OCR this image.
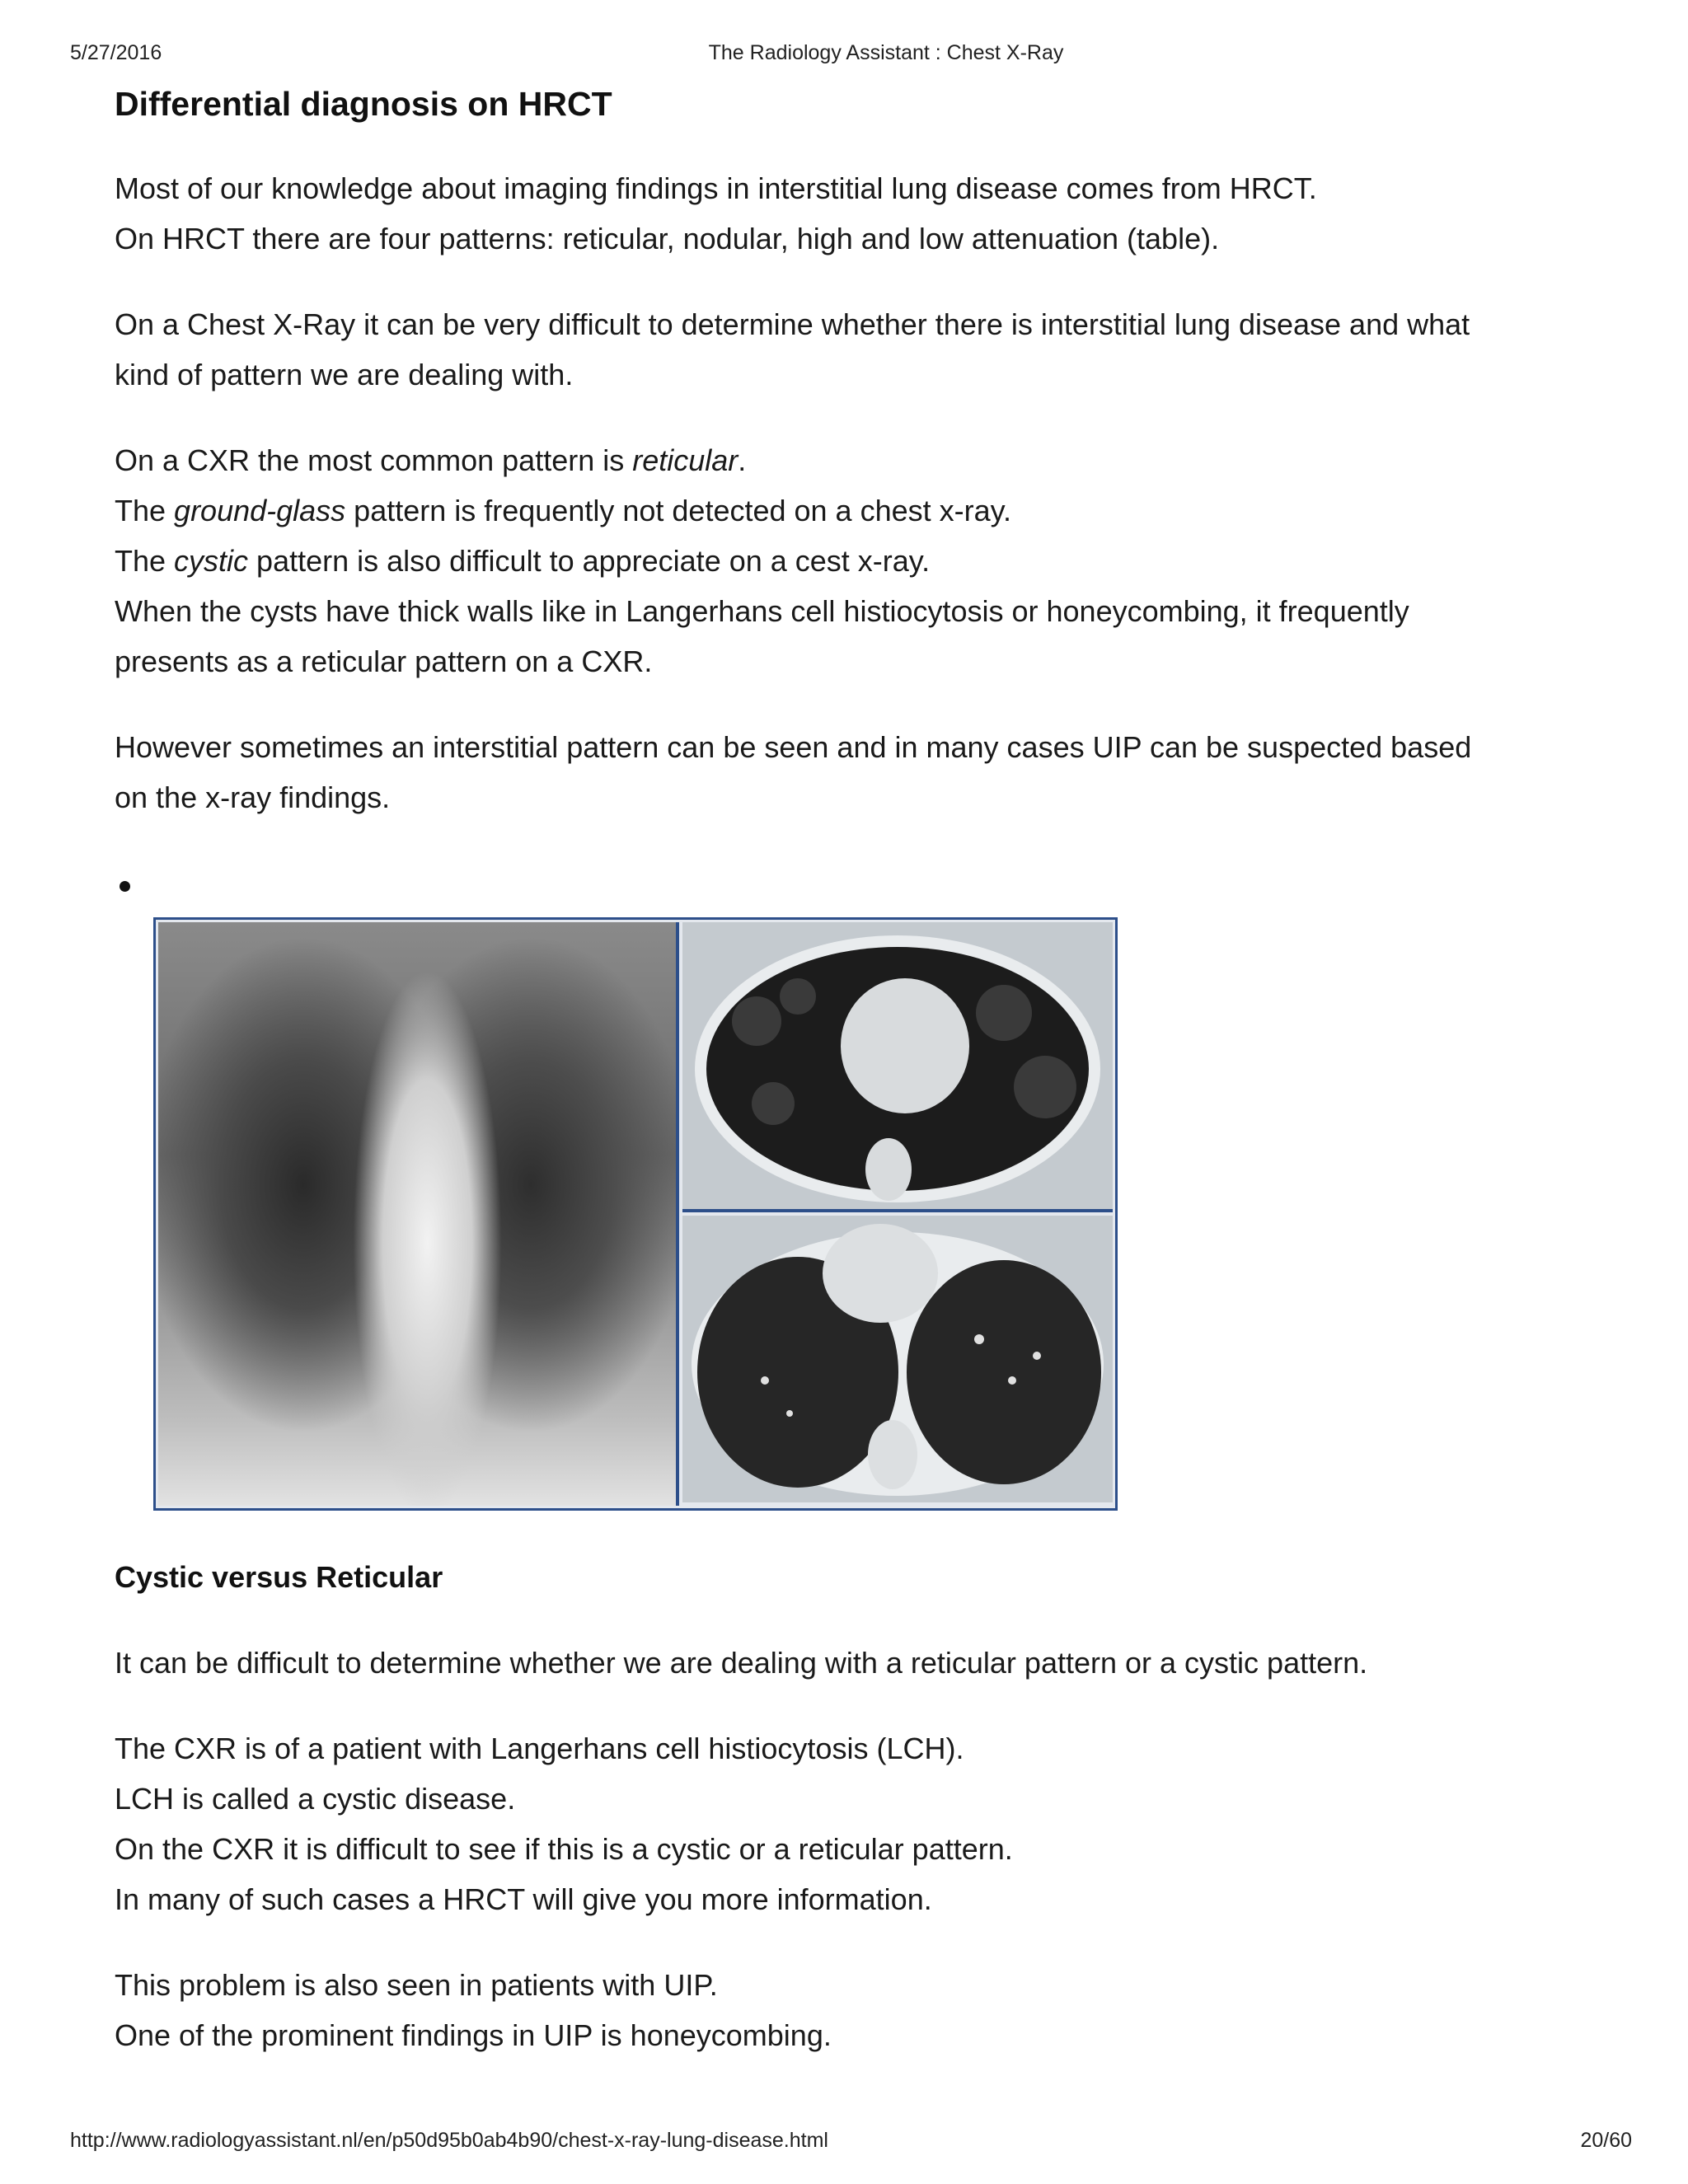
5/27/2016	The Radiology Assistant : Chest X-Ray
Differential diagnosis on HRCT

Most of our knowledge about imaging findings in interstitial lung disease comes from HRCT.
On HRCT there are four patterns: reticular, nodular, high and low attenuation (table).

On a Chest X-Ray it can be very difficult to determine whether there is interstitial lung disease and what
kind of pattern we are dealing with.

On a CXR the most common pattern is reticular.
The ground-glass pattern is frequently not detected on a chest x-ray.
The cystic pattern is also difficult to appreciate on a cest x-ray.
When the cysts have thick walls like in Langerhans cell histiocytosis or honeycombing, it frequently
presents as a reticular pattern on a CXR.

However sometimes an interstitial pattern can be seen and in many cases UIP can be suspected based
on the x-ray findings.

Cystic versus Reticular

It can be difficult to determine whether we are dealing with a reticular pattern or a cystic pattern.

The CXR is of a patient with Langerhans cell histiocytosis (LCH).
LCH is called a cystic disease.
On the CXR it is difficult to see if this is a cystic or a reticular pattern.
In many of such cases a HRCT will give you more information.

This problem is also seen in patients with UIP.
One of the prominent findings in UIP is honeycombing.

http://www.radiologyassistant.nl/en/p50d95b0ab4b90/chest-x-ray-lung-disease.html	20/60
